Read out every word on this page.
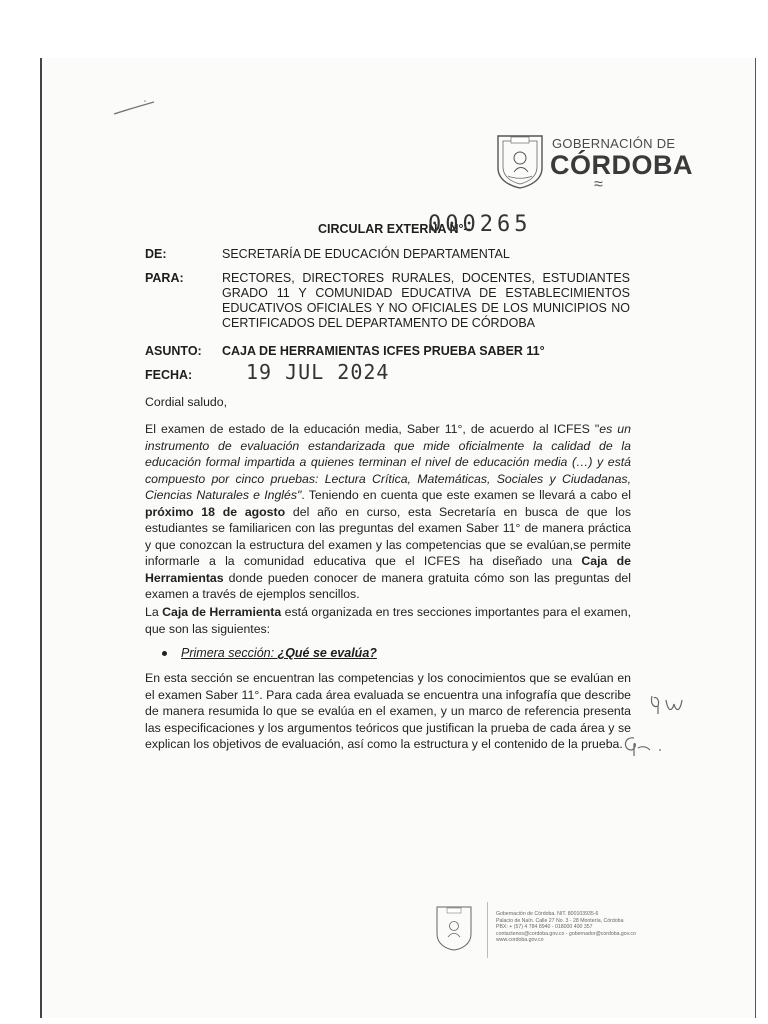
GOBERNACIÓN DE
CÓRDOBA
≈
CIRCULAR EXTERNA N°–
000265
DE:	SECRETARÍA DE EDUCACIÓN DEPARTAMENTAL
PARA:	RECTORES, DIRECTORES RURALES, DOCENTES, ESTUDIANTES
GRADO 11 Y COMUNIDAD EDUCATIVA DE ESTABLECIMIENTOS
EDUCATIVOS OFICIALES Y NO OFICIALES DE LOS MUNICIPIOS NO
CERTIFICADOS DEL DEPARTAMENTO DE CÓRDOBA
ASUNTO: CAJA DE HERRAMIENTAS ICFES PRUEBA SABER 11°
FECHA:	19 JUL 2024
Cordial saludo,

El examen de estado de la educación media, Saber 11°, de acuerdo al ICFES "es un instrumento de evaluación estandarizada que mide oficialmente la calidad de la educación formal impartida a quienes terminan el nivel de educación media (…) y está compuesto por cinco pruebas: Lectura Crítica, Matemáticas, Sociales y Ciudadanas, Ciencias Naturales e Inglés". Teniendo en cuenta que este examen se llevará a cabo el próximo 18 de agosto del año en curso, esta Secretaría en busca de que los estudiantes se familiaricen con las preguntas del examen Saber 11° de manera práctica y que conozcan la estructura del examen y las competencias que se evalúan,se permite informarle a la comunidad educativa que el ICFES ha diseñado una Caja de Herramientas donde pueden conocer de manera gratuita cómo son las preguntas del examen a través de ejemplos sencillos.

La Caja de Herramienta está organizada en tres secciones importantes para el examen, que son las siguientes:

Primera sección: ¿Qué se evalúa?

En esta sección se encuentran las competencias y los conocimientos que se evalúan en el examen Saber 11°. Para cada área evaluada se encuentra una infografía que describe de manera resumida lo que se evalúa en el examen, y un marco de referencia presenta las especificaciones y los argumentos teóricos que justifican la prueba de cada área y se explican los objetivos de evaluación, así como la estructura y el contenido de la prueba.

Gobernación de Córdoba. NIT. 800103935-6
Palacio de Naín. Calle 27 No. 3 - 28 Montería, Córdoba
PBX: + (57) 4 784 8940 - 018000 400 357
contactenos@cordoba.gov.co - gobernador@cordoba.gov.co
www.cordoba.gov.co
